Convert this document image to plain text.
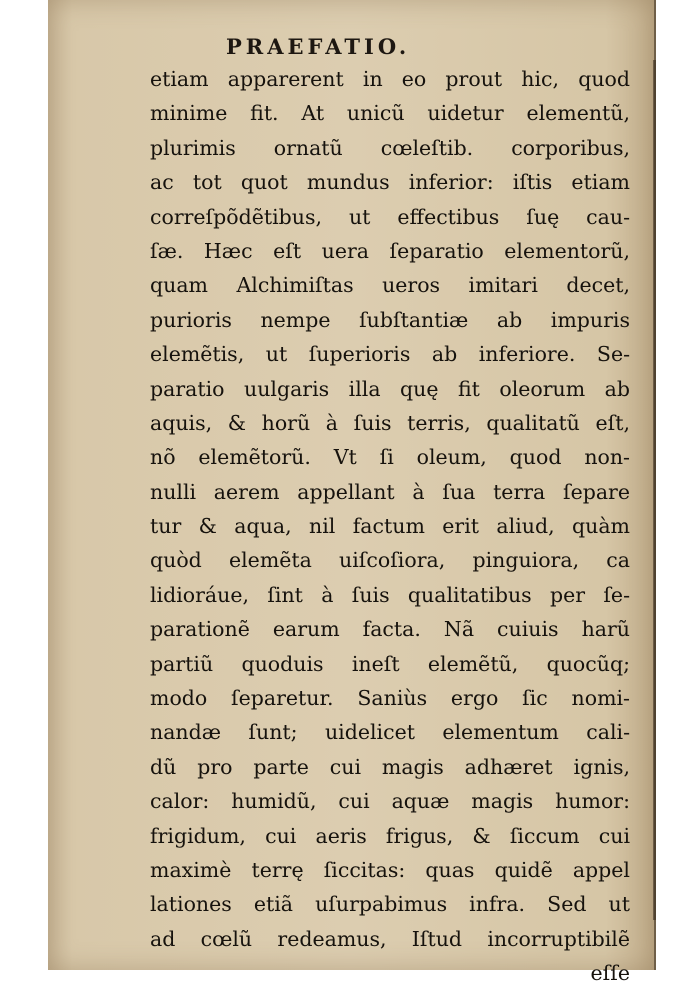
PRAEFATIO.
etiam apparerent in eo prout hic, quod
minime fit. At unicũ uidetur elementũ,
plurimis ornatũ cœleſtib. corporibus,
ac tot quot mundus inferior: iſtis etiam
correſpõdẽtibus, ut effectibus ſuę cau-
ſæ. Hæc eſt uera ſeparatio elementorũ,
quam Alchimiſtas ueros imitari decet,
purioris nempe ſubſtantiæ ab impuris
elemẽtis, ut ſuperioris ab inferiore. Se-
paratio uulgaris illa quę fit oleorum ab
aquis, & horũ à ſuis terris, qualitatũ eſt,
nõ elemẽtorũ. Vt ſi oleum, quod non-
nulli aerem appellant à ſua terra ſepare
tur & aqua, nil factum erit aliud, quàm
quòd elemẽta uiſcoſiora, pinguiora, ca
lidioráue, ſint à ſuis qualitatibus per ſe-
parationẽ earum facta. Nã cuiuis harũ
partiũ quoduis ineſt elemẽtũ, quocũq;
modo ſeparetur. Saniùs ergo ſic nomi-
nandæ ſunt; uidelicet elementum cali-
dũ pro parte cui magis adhæret ignis,
calor: humidũ, cui aquæ magis humor:
frigidum, cui aeris frigus, & ſiccum cui
maximè terrę ſiccitas: quas quidẽ appel
lationes etiã uſurpabimus infra. Sed ut
ad cœlũ redeamus, Iſtud incorruptibilẽ
eſſe
